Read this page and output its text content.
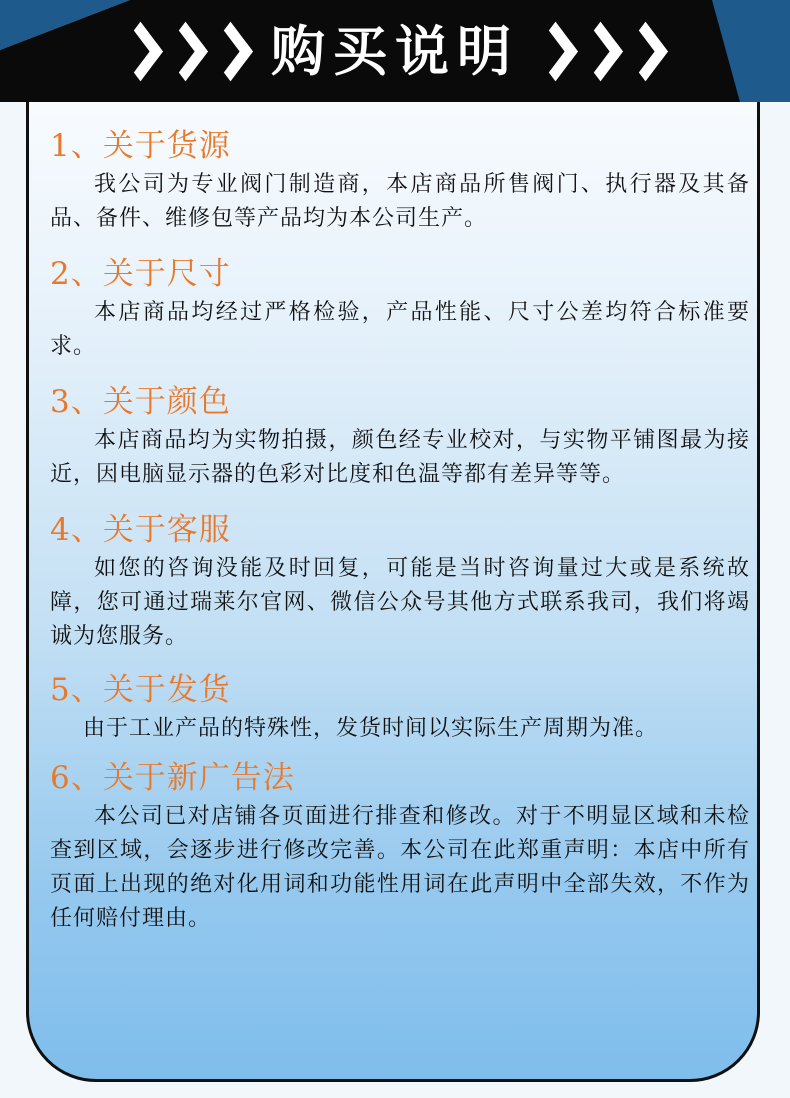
购买说明
1、关于货源
我公司为专业阀门制造商，本店商品所售阀门、执行器及其备品、备件、维修包等产品均为本公司生产。
2、关于尺寸
本店商品均经过严格检验，产品性能、尺寸公差均符合标准要求。
3、关于颜色
本店商品均为实物拍摄，颜色经专业校对，与实物平铺图最为接近，因电脑显示器的色彩对比度和色温等都有差异等等。
4、关于客服
如您的咨询没能及时回复，可能是当时咨询量过大或是系统故障，您可通过瑞莱尔官网、微信公众号其他方式联系我司，我们将竭诚为您服务。
5、关于发货
由于工业产品的特殊性，发货时间以实际生产周期为准。
6、关于新广告法
本公司已对店铺各页面进行排查和修改。对于不明显区域和未检查到区域，会逐步进行修改完善。本公司在此郑重声明：本店中所有页面上出现的绝对化用词和功能性用词在此声明中全部失效，不作为任何赔付理由。
